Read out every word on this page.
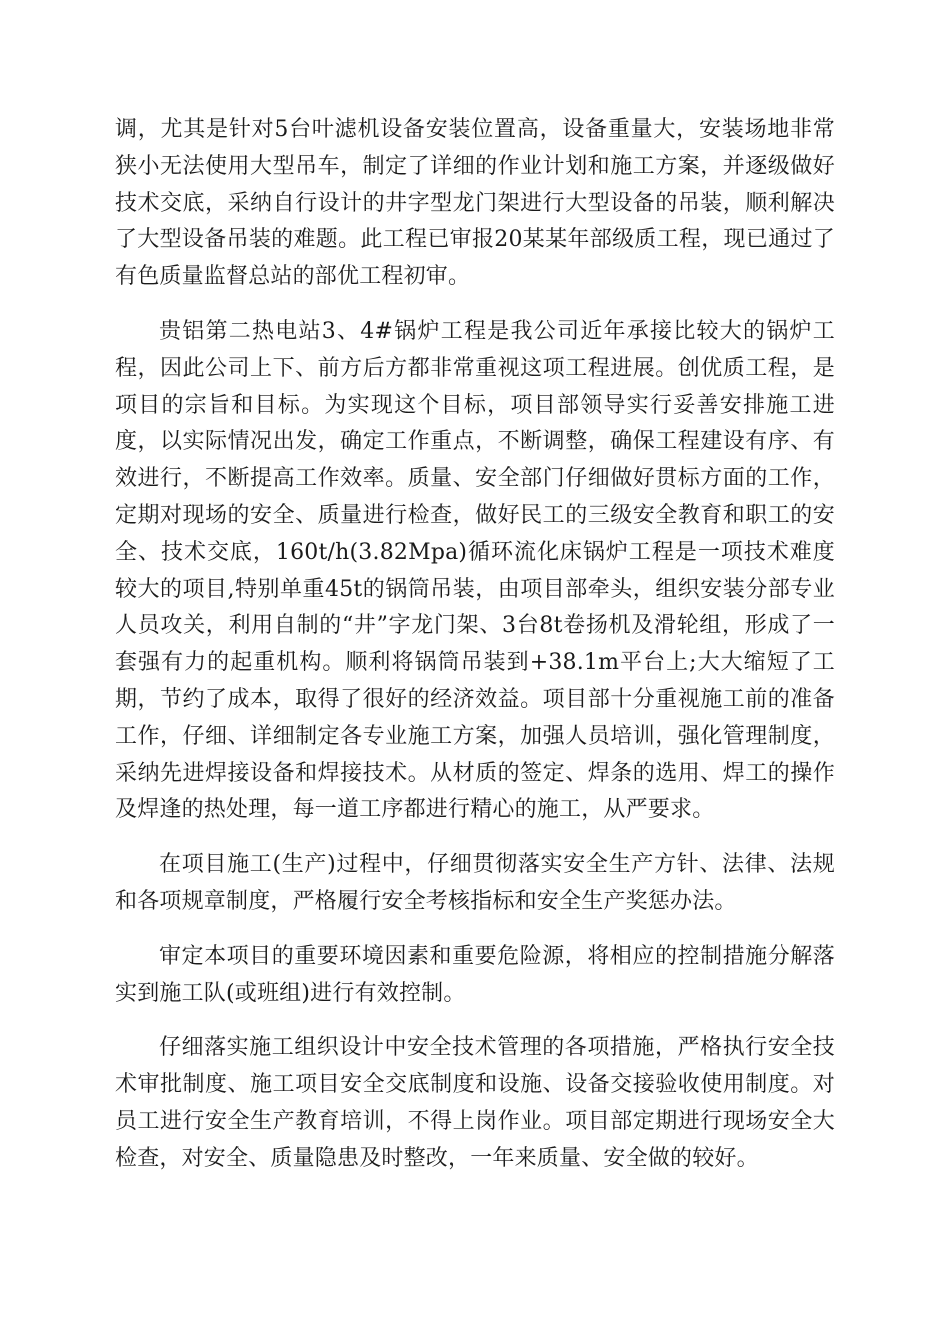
调，尤其是针对5台叶滤机设备安装位置高，设备重量大，安装场地非常狭小无法使用大型吊车，制定了详细的作业计划和施工方案，并逐级做好技术交底，采纳自行设计的井字型龙门架进行大型设备的吊装，顺利解决了大型设备吊装的难题。此工程已审报20某某年部级质工程，现已通过了有色质量监督总站的部优工程初审。

贵铝第二热电站3、4#锅炉工程是我公司近年承接比较大的锅炉工程，因此公司上下、前方后方都非常重视这项工程进展。创优质工程，是项目的宗旨和目标。为实现这个目标，项目部领导实行妥善安排施工进度，以实际情况出发，确定工作重点，不断调整，确保工程建设有序、有效进行，不断提高工作效率。质量、安全部门仔细做好贯标方面的工作，定期对现场的安全、质量进行检查，做好民工的三级安全教育和职工的安全、技术交底，160t/h(3.82Mpa)循环流化床锅炉工程是一项技术难度较大的项目,特别单重45t的锅筒吊装，由项目部牵头，组织安装分部专业人员攻关，利用自制的“井”字龙门架、3台8t卷扬机及滑轮组，形成了一套强有力的起重机构。顺利将锅筒吊装到+38.1m平台上;大大缩短了工期，节约了成本，取得了很好的经济效益。项目部十分重视施工前的准备工作，仔细、详细制定各专业施工方案，加强人员培训，强化管理制度，采纳先进焊接设备和焊接技术。从材质的签定、焊条的选用、焊工的操作及焊逢的热处理，每一道工序都进行精心的施工，从严要求。

在项目施工(生产)过程中，仔细贯彻落实安全生产方针、法律、法规和各项规章制度，严格履行安全考核指标和安全生产奖惩办法。

审定本项目的重要环境因素和重要危险源，将相应的控制措施分解落实到施工队(或班组)进行有效控制。

仔细落实施工组织设计中安全技术管理的各项措施，严格执行安全技术审批制度、施工项目安全交底制度和设施、设备交接验收使用制度。对员工进行安全生产教育培训，不得上岗作业。项目部定期进行现场安全大检查，对安全、质量隐患及时整改，一年来质量、安全做的较好。
